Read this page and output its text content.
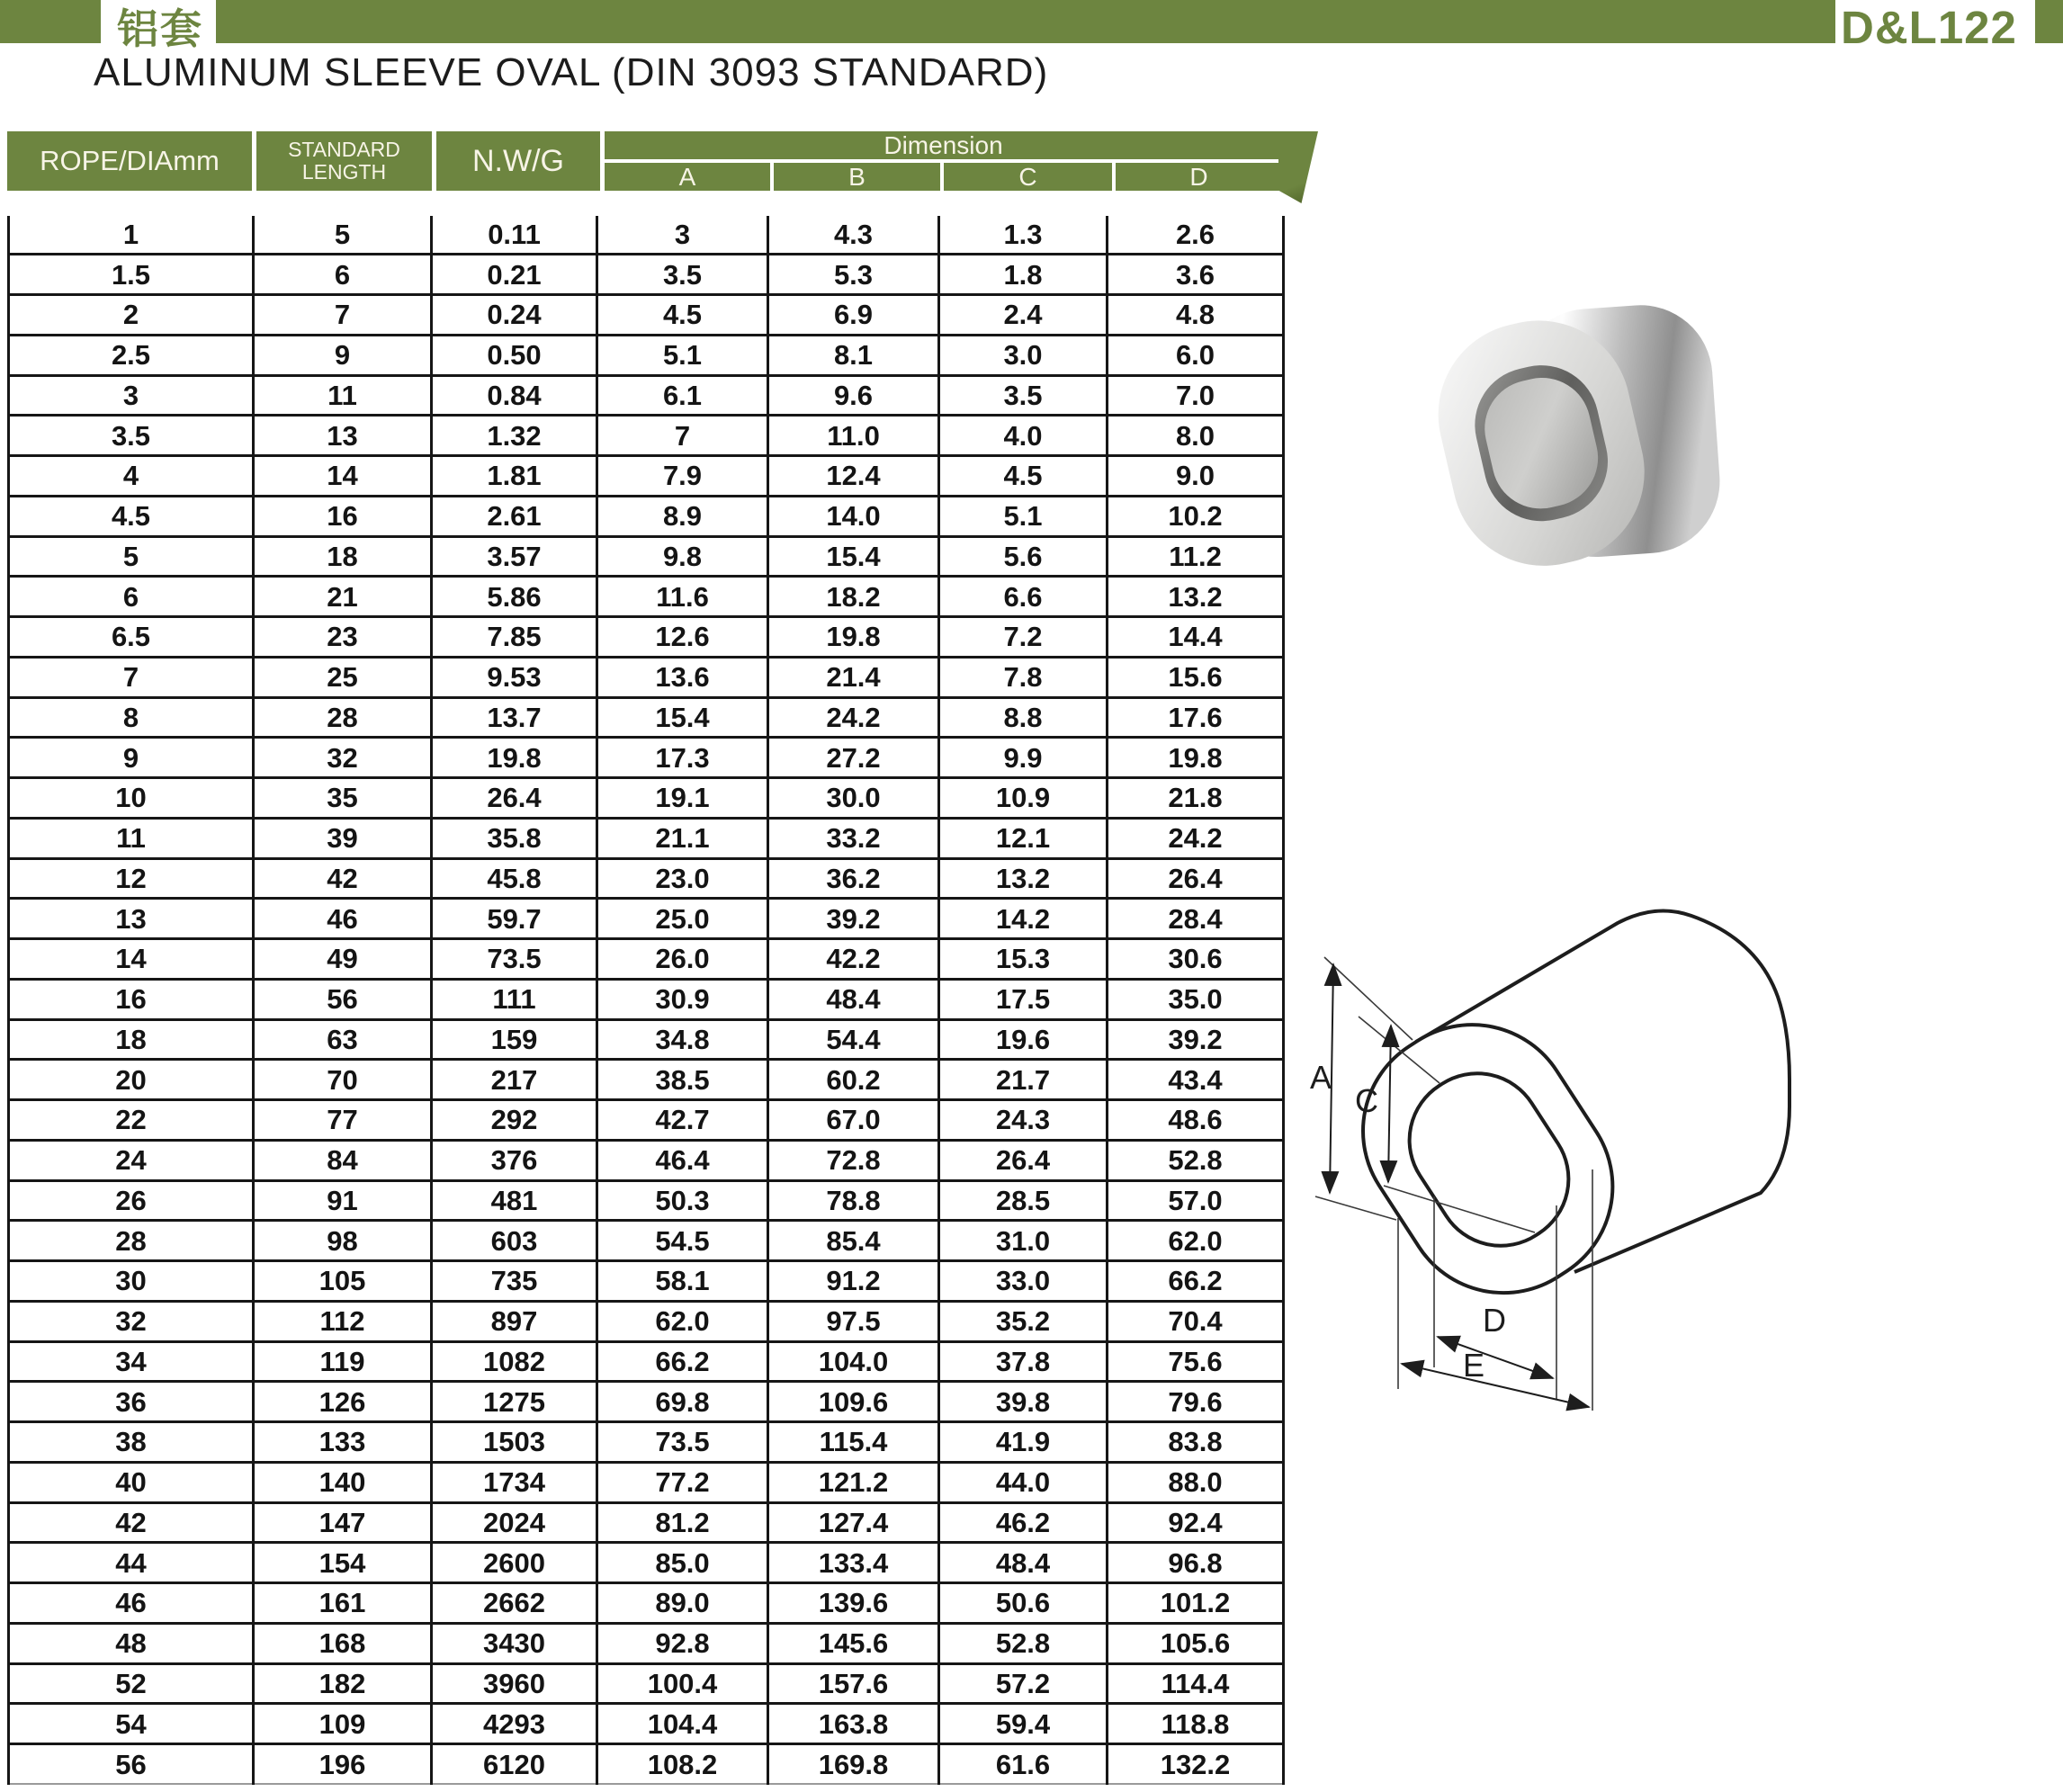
铝套	D&L122
ALUMINUM SLEEVE OVAL (DIN 3093 STANDARD)
ROPE/DIAmm	STANDARD
LENGTH	N.W/G	Dimension
A	B	C	D
1	5	0.11	3	4.3	1.3	2.6
1.5	6	0.21	3.5	5.3	1.8	3.6
2	7	0.24	4.5	6.9	2.4	4.8
2.5	9	0.50	5.1	8.1	3.0	6.0
3	11	0.84	6.1	9.6	3.5	7.0
3.5	13	1.32	7	11.0	4.0	8.0
4	14	1.81	7.9	12.4	4.5	9.0
4.5	16	2.61	8.9	14.0	5.1	10.2
5	18	3.57	9.8	15.4	5.6	11.2
6	21	5.86	11.6	18.2	6.6	13.2
6.5	23	7.85	12.6	19.8	7.2	14.4
7	25	9.53	13.6	21.4	7.8	15.6
8	28	13.7	15.4	24.2	8.8	17.6
9	32	19.8	17.3	27.2	9.9	19.8
10	35	26.4	19.1	30.0	10.9	21.8
11	39	35.8	21.1	33.2	12.1	24.2
12	42	45.8	23.0	36.2	13.2	26.4
13	46	59.7	25.0	39.2	14.2	28.4
14	49	73.5	26.0	42.2	15.3	30.6
16	56	111	30.9	48.4	17.5	35.0
18	63	159	34.8	54.4	19.6	39.2
20	70	217	38.5	60.2	21.7	43.4
22	77	292	42.7	67.0	24.3	48.6
24	84	376	46.4	72.8	26.4	52.8
26	91	481	50.3	78.8	28.5	57.0
28	98	603	54.5	85.4	31.0	62.0
30	105	735	58.1	91.2	33.0	66.2
32	112	897	62.0	97.5	35.2	70.4
34	119	1082	66.2	104.0	37.8	75.6
36	126	1275	69.8	109.6	39.8	79.6
38	133	1503	73.5	115.4	41.9	83.8
40	140	1734	77.2	121.2	44.0	88.0
42	147	2024	81.2	127.4	46.2	92.4
44	154	2600	85.0	133.4	48.4	96.8
46	161	2662	89.0	139.6	50.6	101.2
48	168	3430	92.8	145.6	52.8	105.6
52	182	3960	100.4	157.6	57.2	114.4
54	109	4293	104.4	163.8	59.4	118.8
56	196	6120	108.2	169.8	61.6	132.2
A
C
D
E
